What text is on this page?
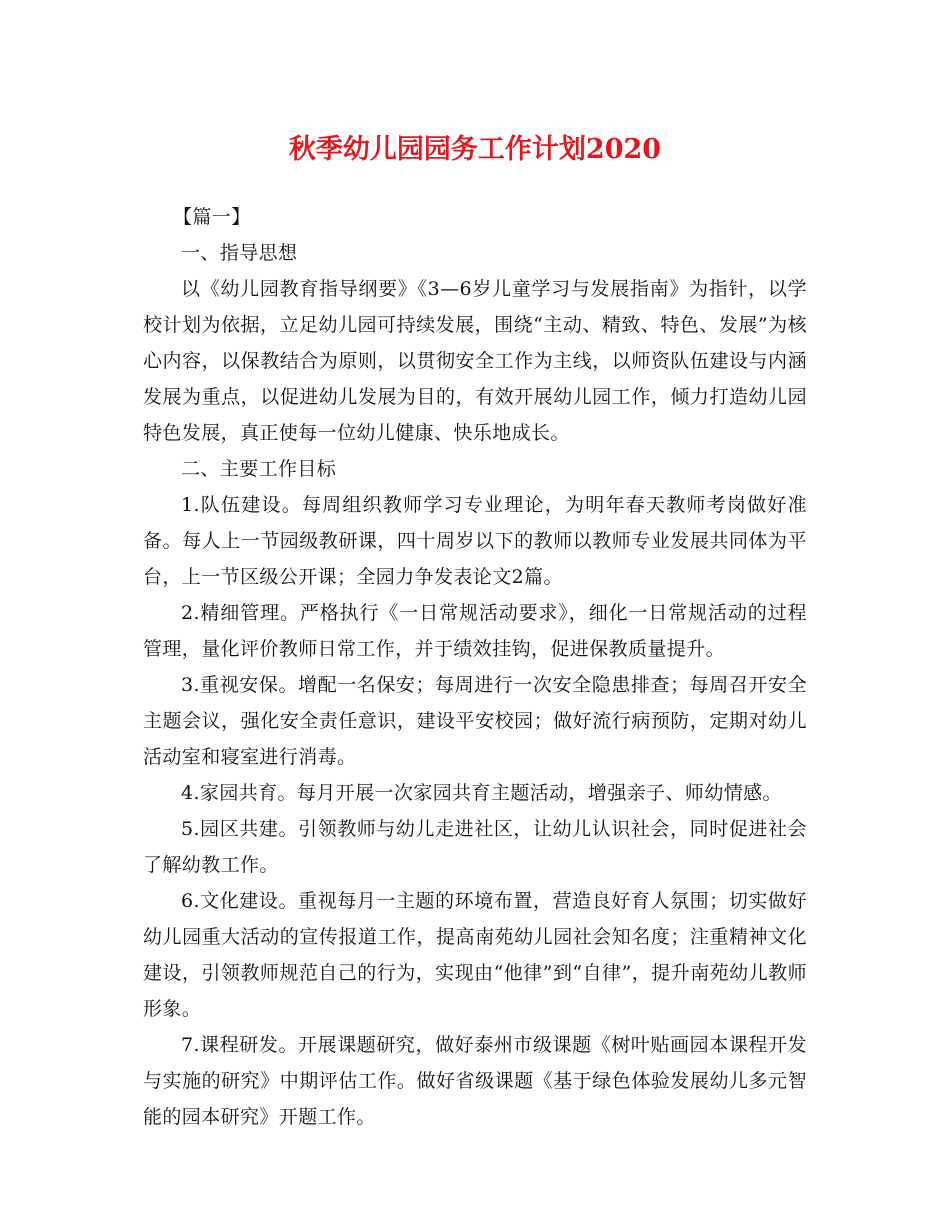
秋季幼儿园园务工作计划2020

【篇一】

一、指导思想

以《幼儿园教育指导纲要》《3—6岁儿童学习与发展指南》为指针，以学校计划为依据，立足幼儿园可持续发展，围绕“主动、精致、特色、发展”为核心内容，以保教结合为原则，以贯彻安全工作为主线，以师资队伍建设与内涵发展为重点，以促进幼儿发展为目的，有效开展幼儿园工作，倾力打造幼儿园特色发展，真正使每一位幼儿健康、快乐地成长。

二、主要工作目标

1.队伍建设。每周组织教师学习专业理论，为明年春天教师考岗做好准备。每人上一节园级教研课，四十周岁以下的教师以教师专业发展共同体为平台，上一节区级公开课；全园力争发表论文2篇。

2.精细管理。严格执行《一日常规活动要求》，细化一日常规活动的过程管理，量化评价教师日常工作，并于绩效挂钩，促进保教质量提升。

3.重视安保。增配一名保安；每周进行一次安全隐患排查；每周召开安全主题会议，强化安全责任意识，建设平安校园；做好流行病预防，定期对幼儿活动室和寝室进行消毒。

4.家园共育。每月开展一次家园共育主题活动，增强亲子、师幼情感。

5.园区共建。引领教师与幼儿走进社区，让幼儿认识社会，同时促进社会了解幼教工作。

6.文化建设。重视每月一主题的环境布置，营造良好育人氛围；切实做好幼儿园重大活动的宣传报道工作，提高南苑幼儿园社会知名度；注重精神文化建设，引领教师规范自己的行为，实现由“他律”到“自律”，提升南苑幼儿教师形象。

7.课程研发。开展课题研究，做好泰州市级课题《树叶贴画园本课程开发与实施的研究》中期评估工作。做好省级课题《基于绿色体验发展幼儿多元智能的园本研究》开题工作。
